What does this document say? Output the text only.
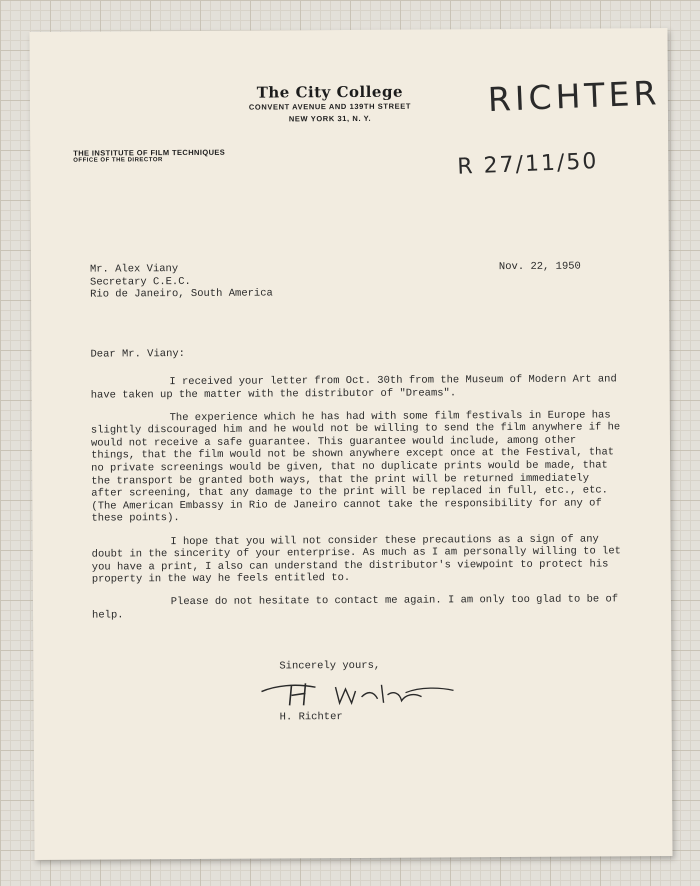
The City College
CONVENT AVENUE AND 139TH STREET
NEW YORK 31, N. Y.
THE INSTITUTE OF FILM TECHNIQUES
OFFICE OF THE DIRECTOR
RICHTER
R 27/11/50
Mr. Alex Viany
Secretary C.E.C.
Rio de Janeiro, South America
Nov. 22, 1950
Dear Mr. Viany:

I received your letter from Oct. 30th from the Museum of Modern Art and have taken up the matter with the distributor of "Dreams".

The experience which he has had with some film festivals in Europe has slightly discouraged him and he would not be willing to send the film anywhere if he would not receive a safe guarantee. This guarantee would include, among other things, that the film would not be shown anywhere except once at the Festival, that no private screenings would be given, that no duplicate prints would be made, that the transport be granted both ways, that the print will be returned immediately after screening, that any damage to the print will be replaced in full, etc., etc. (The American Embassy in Rio de Janeiro cannot take the responsibility for any of these points).

I hope that you will not consider these precautions as a sign of any doubt in the sincerity of your enterprise. As much as I am personally willing to let you have a print, I also can understand the distributor's viewpoint to protect his property in the way he feels entitled to.

Please do not hesitate to contact me again. I am only too glad to be of help.

Sincerely yours,
H. Richter
